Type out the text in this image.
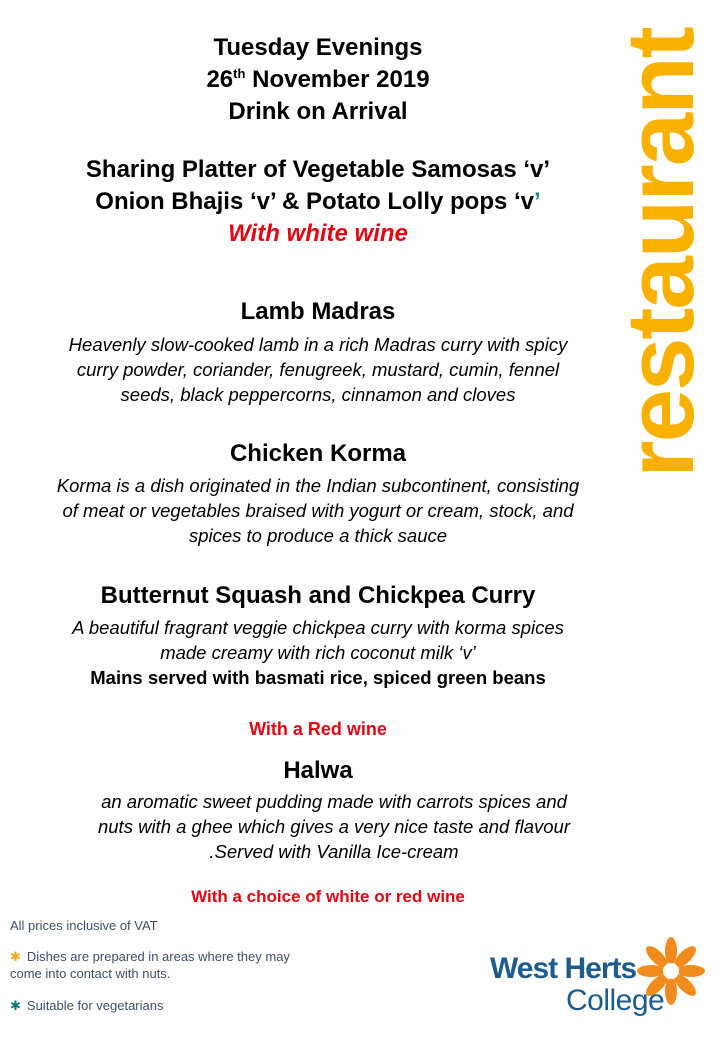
restaurant
Tuesday Evenings
26th November 2019
Drink on Arrival
Sharing Platter of Vegetable Samosas ‘v’
Onion Bhajis ‘v’ & Potato Lolly pops ‘v’
With white wine
Lamb Madras
Heavenly slow-cooked lamb in a rich Madras curry with spicy
curry powder, coriander, fenugreek, mustard, cumin, fennel
seeds, black peppercorns, cinnamon and cloves
Chicken Korma
Korma is a dish originated in the Indian subcontinent, consisting
of meat or vegetables braised with yogurt or cream, stock, and
spices to produce a thick sauce
Butternut Squash and Chickpea Curry
A beautiful fragrant veggie chickpea curry with korma spices
made creamy with rich coconut milk ‘v’
Mains served with basmati rice, spiced green beans
With a Red wine
Halwa
an aromatic sweet pudding made with carrots spices and
nuts with a ghee which gives a very nice taste and flavour
.Served with Vanilla Ice-cream
With a choice of white or red wine
All prices inclusive of VAT
✱ Dishes are prepared in areas where they may
come into contact with nuts.
✱ Suitable for vegetarians
West Herts
College
